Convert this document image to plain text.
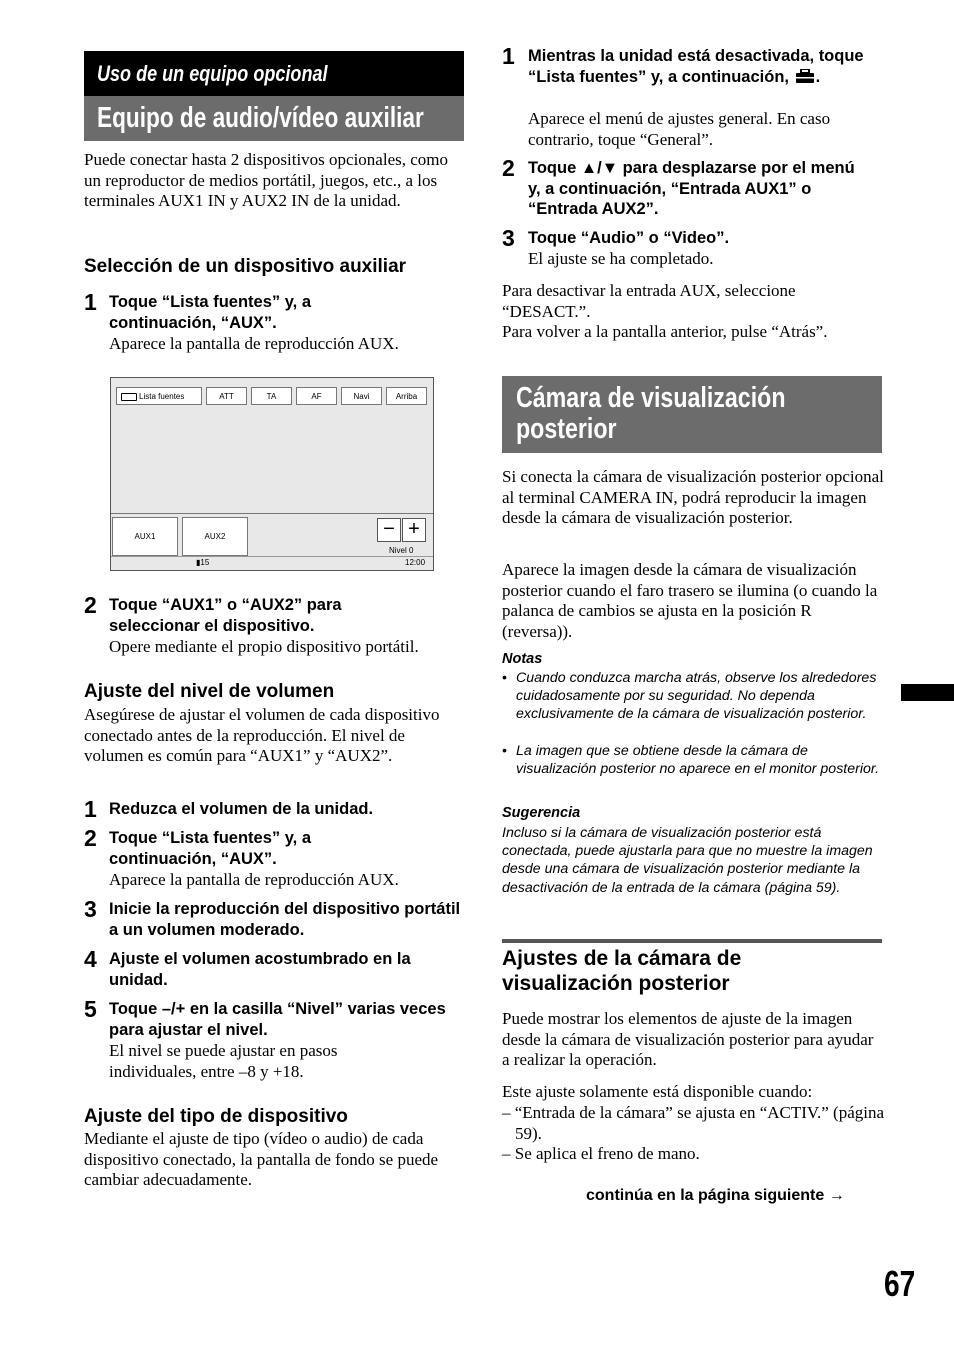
Uso de un equipo opcional
Equipo de audio/vídeo auxiliar
Puede conectar hasta 2 dispositivos opcionales, como un reproductor de medios portátil, juegos, etc., a los terminales AUX1 IN y AUX2 IN de la unidad.
Selección de un dispositivo auxiliar
1 Toque “Lista fuentes” y, a continuación, “AUX”.
Aparece la pantalla de reproducción AUX.
Lista fuentes	ATT	TA	AF	Navi	Arriba
AUX1	AUX2	− +
Nivel 0
▮15	12:00
2 Toque “AUX1” o “AUX2” para seleccionar el dispositivo.
Opere mediante el propio dispositivo portátil.
Ajuste del nivel de volumen
Asegúrese de ajustar el volumen de cada dispositivo conectado antes de la reproducción. El nivel de volumen es común para “AUX1” y “AUX2”.
1 Reduzca el volumen de la unidad.
2 Toque “Lista fuentes” y, a continuación, “AUX”.
Aparece la pantalla de reproducción AUX.
3 Inicie la reproducción del dispositivo portátil a un volumen moderado.
4 Ajuste el volumen acostumbrado en la unidad.
5 Toque –/+ en la casilla “Nivel” varias veces para ajustar el nivel.
El nivel se puede ajustar en pasos individuales, entre –8 y +18.
Ajuste del tipo de dispositivo
Mediante el ajuste de tipo (vídeo o audio) de cada dispositivo conectado, la pantalla de fondo se puede cambiar adecuadamente.
1 Mientras la unidad está desactivada, toque “Lista fuentes” y, a continuación, .
Aparece el menú de ajustes general. En caso contrario, toque “General”.
2 Toque ▲/▼ para desplazarse por el menú y, a continuación, “Entrada AUX1” o “Entrada AUX2”.
3 Toque “Audio” o “Video”.
El ajuste se ha completado.
Para desactivar la entrada AUX, seleccione “DESACT.”.
Para volver a la pantalla anterior, pulse “Atrás”.
Cámara de visualización
posterior
Si conecta la cámara de visualización posterior opcional al terminal CAMERA IN, podrá reproducir la imagen desde la cámara de visualización posterior.
Aparece la imagen desde la cámara de visualización posterior cuando el faro trasero se ilumina (o cuando la palanca de cambios se ajusta en la posición R (reversa)).
Notas
• Cuando conduzca marcha atrás, observe los alrededores cuidadosamente por su seguridad. No dependa exclusivamente de la cámara de visualización posterior.
• La imagen que se obtiene desde la cámara de visualización posterior no aparece en el monitor posterior.
Sugerencia
Incluso si la cámara de visualización posterior está conectada, puede ajustarla para que no muestre la imagen desde una cámara de visualización posterior mediante la desactivación de la entrada de la cámara (página 59).
Ajustes de la cámara de
visualización posterior
Puede mostrar los elementos de ajuste de la imagen desde la cámara de visualización posterior para ayudar a realizar la operación.
Este ajuste solamente está disponible cuando:
– “Entrada de la cámara” se ajusta en “ACTIV.” (página 59).
– Se aplica el freno de mano.
continúa en la página siguiente →
67
